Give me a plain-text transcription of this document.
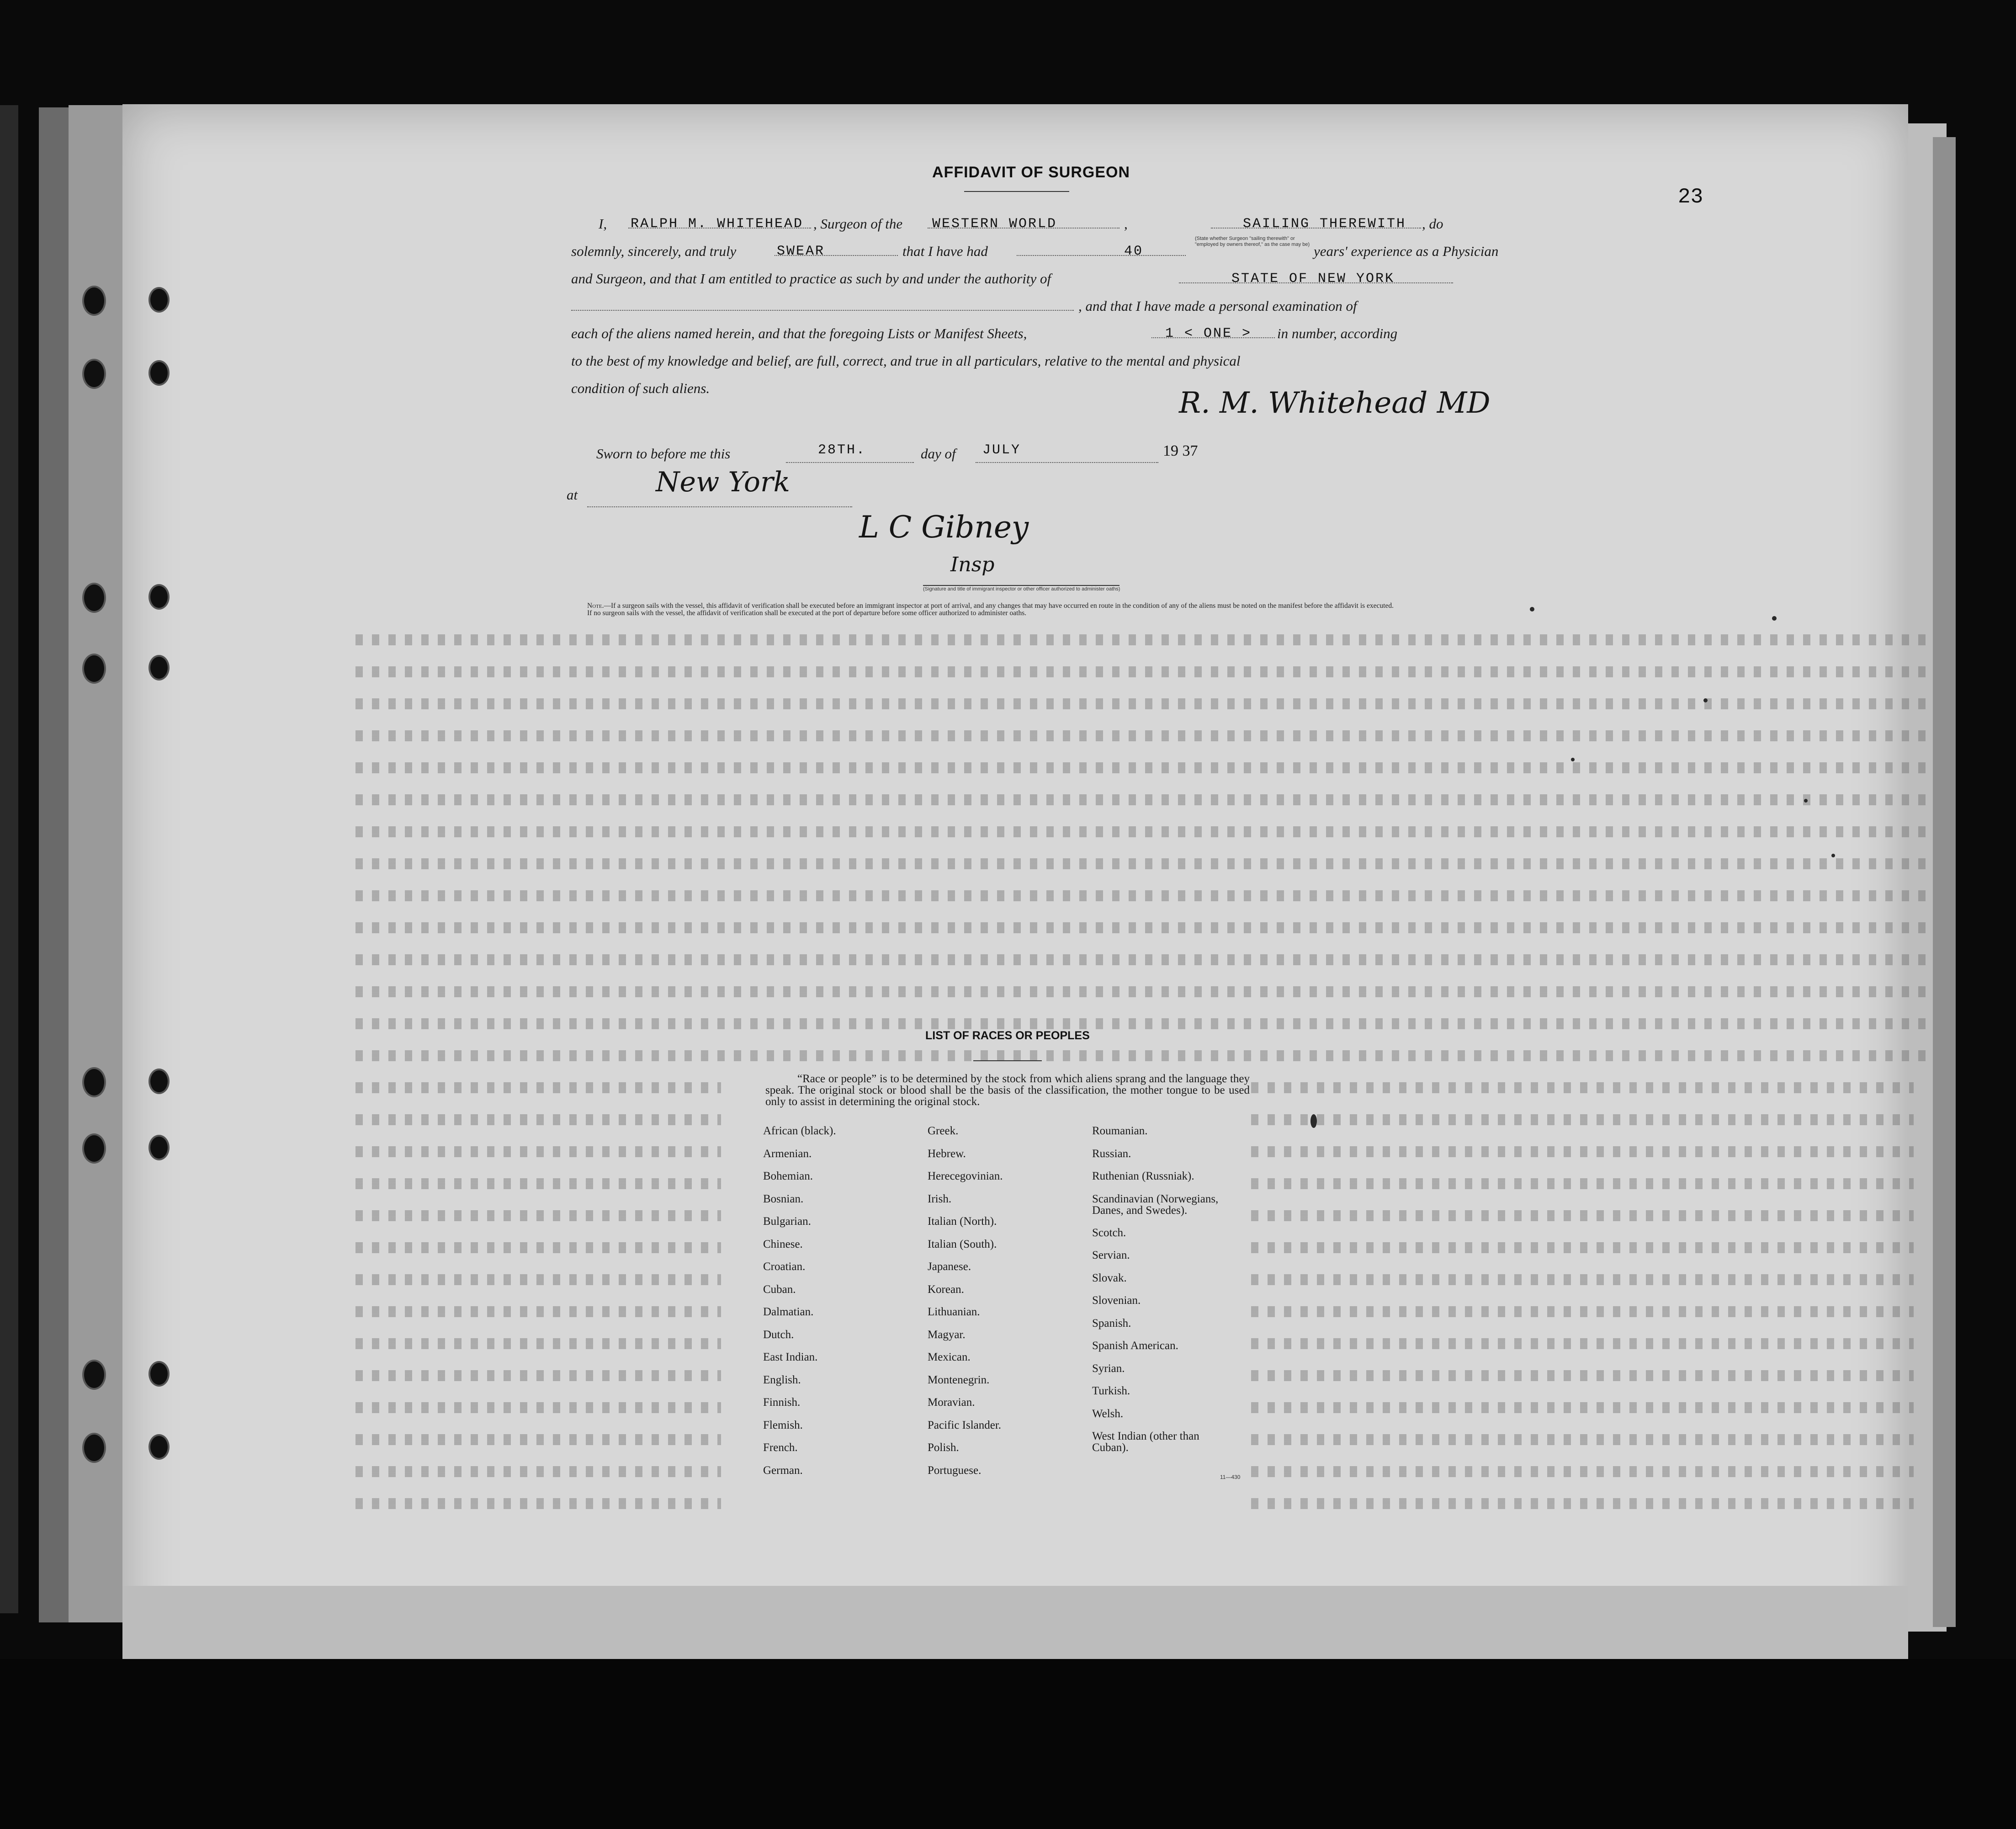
23
AFFIDAVIT OF SURGEON
I, RALPH M. WHITEHEAD , Surgeon of the WESTERN WORLD	,	SAILING THEREWITH , do
solemnly, sincerely, and truly	SWEAR	that I have had	40
(State whether Surgeon "sailing therewith" or "employed by owners thereof," as the case may be) years' experience as a Physician
and Surgeon, and that I am entitled to practice as such by and under the authority of	STATE OF NEW YORK
, and that I have made a personal examination of
each of the aliens named herein, and that the foregoing Lists or Manifest Sheets,	1 < ONE > in number, according
to the best of my knowledge and belief, are full, correct, and true in all particulars, relative to the mental and physical
condition of such aliens.	R. M. Whitehead MD
Sworn to before me this	28TH.	day of JULY	19 37
at	New York
L C Gibney
Insp
(Signature and title of immigrant inspector or other officer authorized to administer oaths)

Note.—If a surgeon sails with the vessel, this affidavit of verification shall be executed before an immigrant inspector at port of arrival, and any changes that may have occurred en route in the condition of any of the aliens must be noted on the manifest before the affidavit is executed.

If no surgeon sails with the vessel, the affidavit of verification shall be executed at the port of departure before some officer authorized to administer oaths.

LIST OF RACES OR PEOPLES

“Race or people” is to be determined by the stock from which aliens sprang and the language they speak. The original stock or blood shall be the basis of the classification, the mother tongue to be used only to assist in determining the original stock.

African (black).
Armenian.
Bohemian.
Bosnian.
Bulgarian.
Chinese.
Croatian.
Cuban.
Dalmatian.
Dutch.
East Indian.
English.
Finnish.
Flemish.
French.
German.
Greek.
Hebrew.
Herecegovinian.
Irish.
Italian (North).
Italian (South).
Japanese.
Korean.
Lithuanian.
Magyar.
Mexican.
Montenegrin.
Moravian.
Pacific Islander.
Polish.
Portuguese.
Roumanian.
Russian.
Ruthenian (Russniak).
Scandinavian (Norwegians, Danes, and Swedes).
Scotch.
Servian.
Slovak.
Slovenian.
Spanish.
Spanish American.
Syrian.
Turkish.
Welsh.
West Indian (other than Cuban).
11—430
